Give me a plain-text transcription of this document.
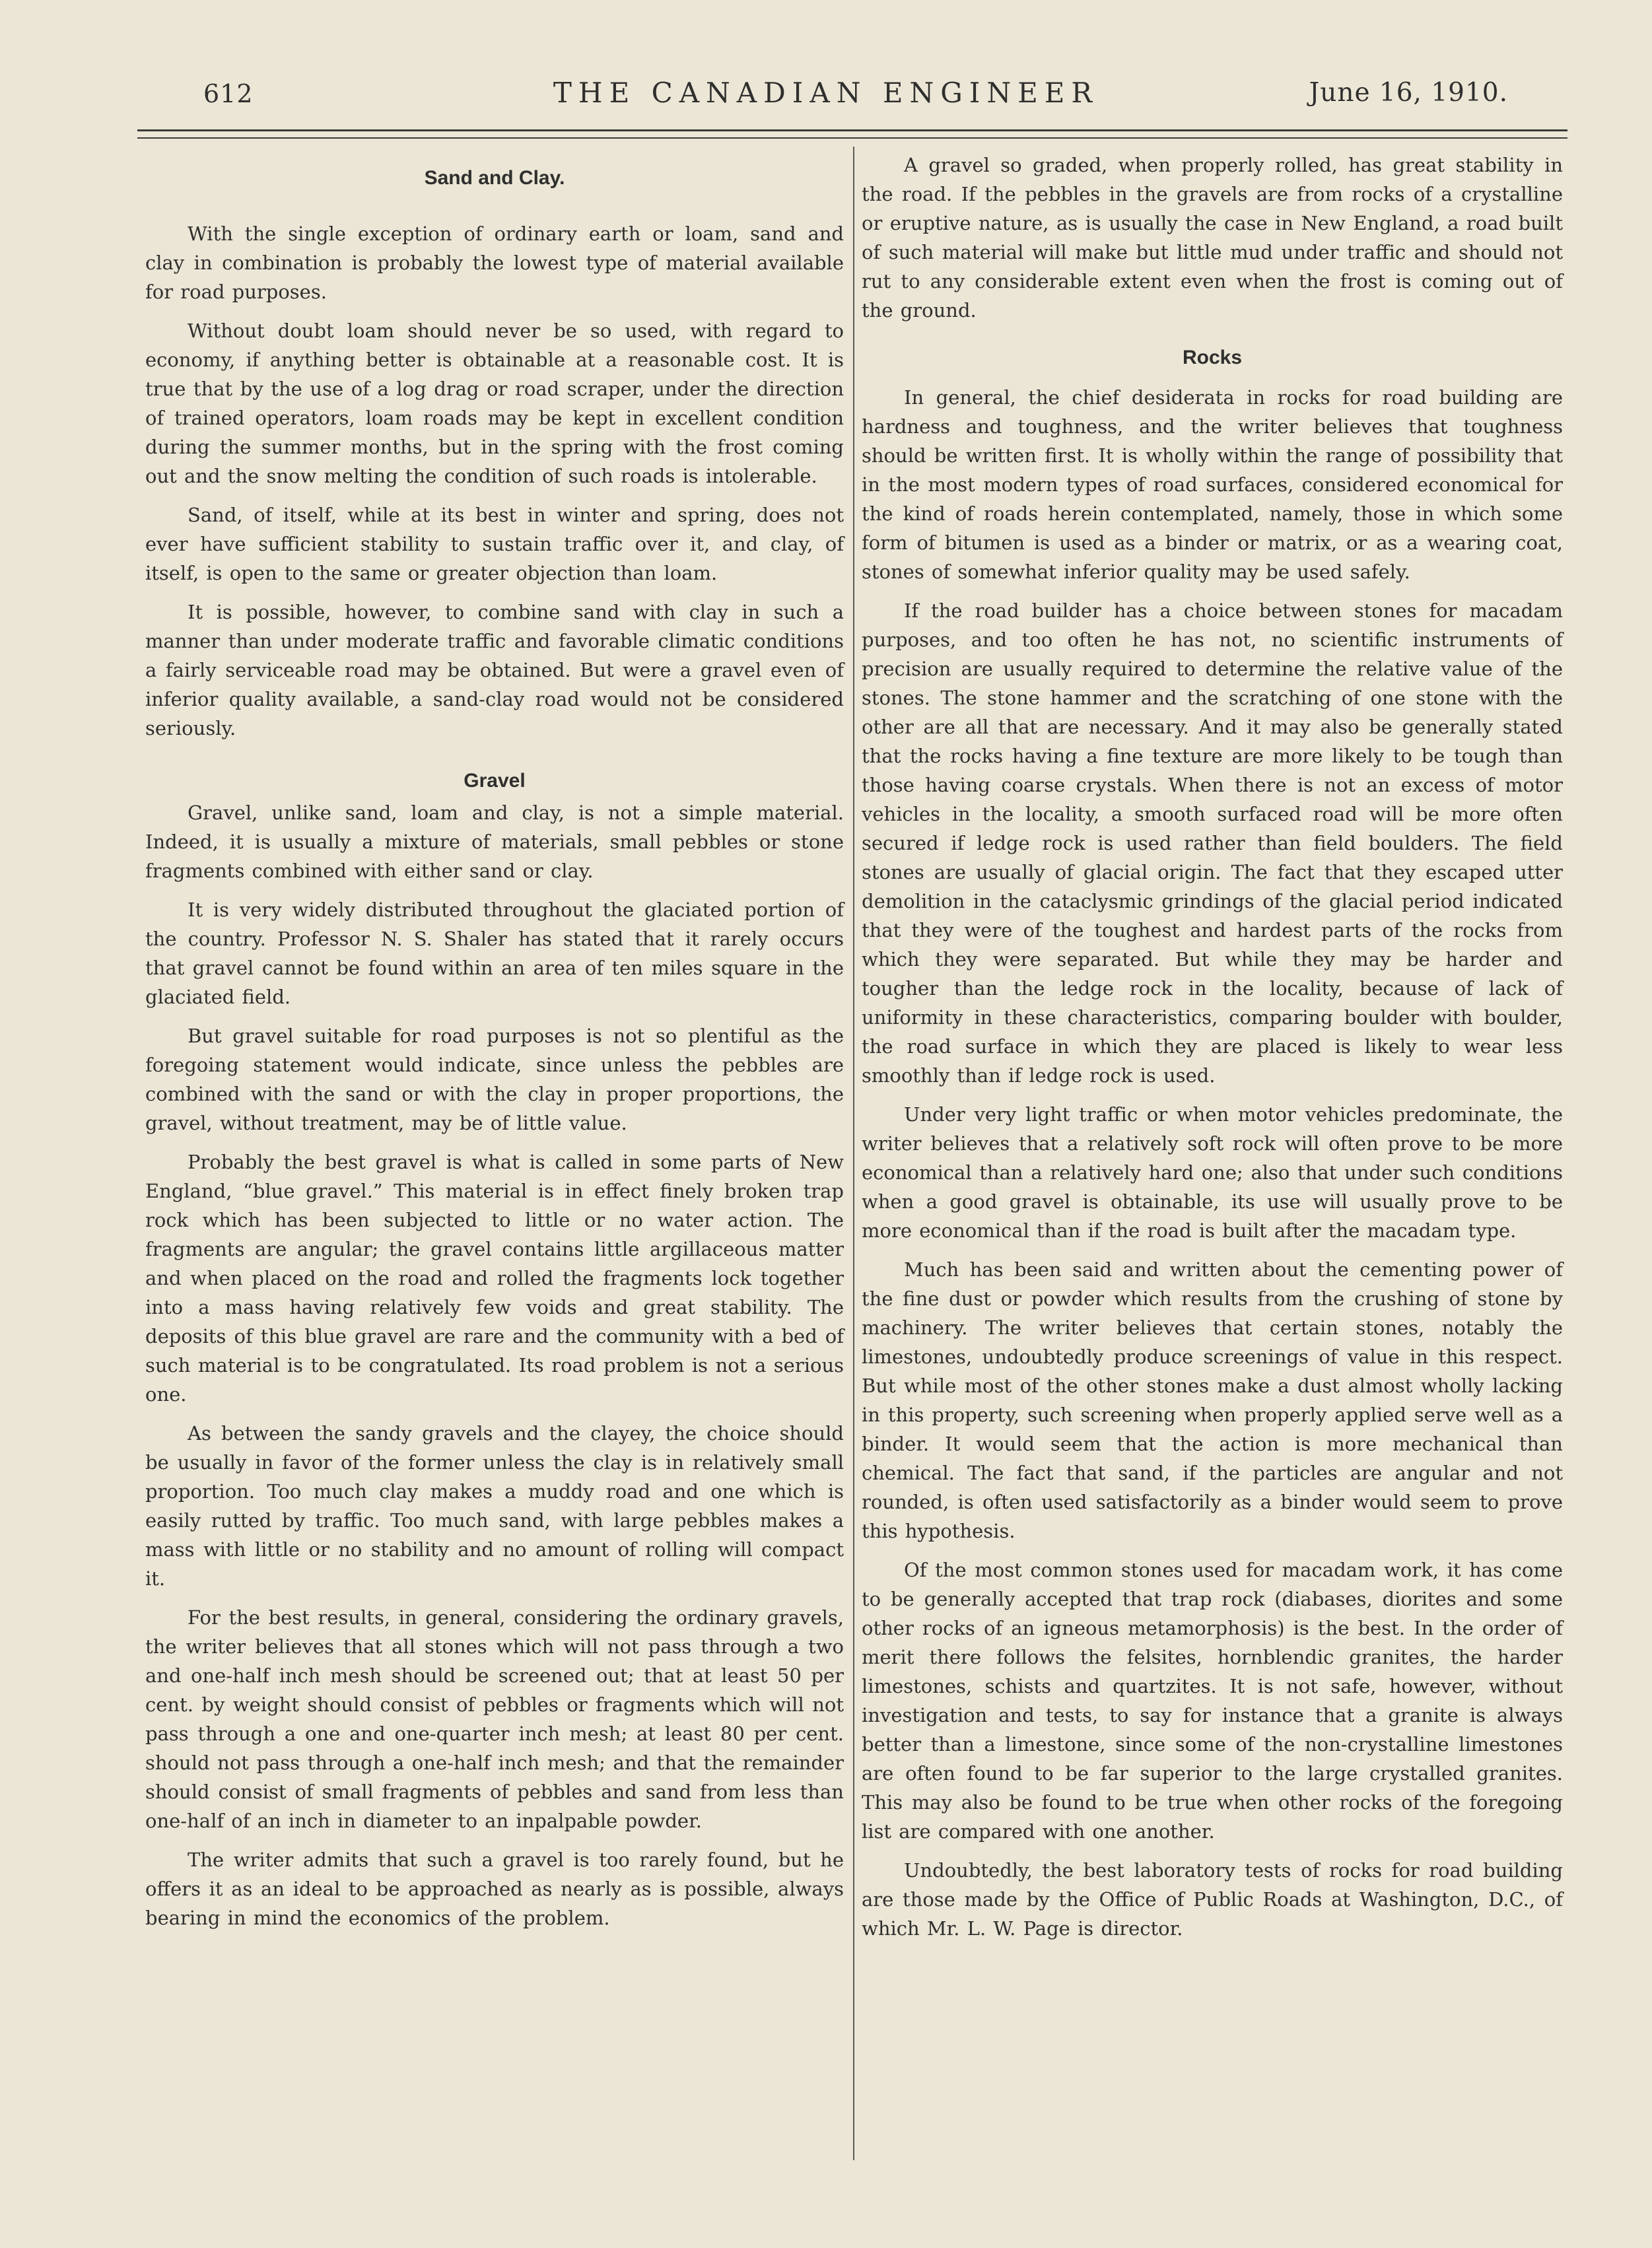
612	THE CANADIAN ENGINEER	June 16, 1910.
Sand and Clay.

With the single exception of ordinary earth or loam, sand and clay in combination is probably the lowest type of material available for road purposes.

Without doubt loam should never be so used, with regard to economy, if anything better is obtainable at a reasonable cost. It is true that by the use of a log drag or road scraper, under the direction of trained operators, loam roads may be kept in excellent condition during the summer months, but in the spring with the frost coming out and the snow melting the condition of such roads is intolerable.

Sand, of itself, while at its best in winter and spring, does not ever have sufficient stability to sustain traffic over it, and clay, of itself, is open to the same or greater objection than loam.

It is possible, however, to combine sand with clay in such a manner than under moderate traffic and favorable climatic conditions a fairly serviceable road may be obtained. But were a gravel even of inferior quality available, a sand-clay road would not be considered seriously.

Gravel

Gravel, unlike sand, loam and clay, is not a simple material. Indeed, it is usually a mixture of materials, small pebbles or stone fragments combined with either sand or clay.

It is very widely distributed throughout the glaciated portion of the country. Professor N. S. Shaler has stated that it rarely occurs that gravel cannot be found within an area of ten miles square in the glaciated field.

But gravel suitable for road purposes is not so plentiful as the foregoing statement would indicate, since unless the pebbles are combined with the sand or with the clay in proper proportions, the gravel, without treatment, may be of little value.

Probably the best gravel is what is called in some parts of New England, “blue gravel.” This material is in effect finely broken trap rock which has been subjected to little or no water action. The fragments are angular; the gravel contains little argillaceous matter and when placed on the road and rolled the fragments lock together into a mass having relatively few voids and great stability. The deposits of this blue gravel are rare and the community with a bed of such material is to be congratulated. Its road problem is not a serious one.

As between the sandy gravels and the clayey, the choice should be usually in favor of the former unless the clay is in relatively small proportion. Too much clay makes a muddy road and one which is easily rutted by traffic. Too much sand, with large pebbles makes a mass with little or no stability and no amount of rolling will compact it.

For the best results, in general, considering the ordinary gravels, the writer believes that all stones which will not pass through a two and one-half inch mesh should be screened out; that at least 50 per cent. by weight should consist of pebbles or fragments which will not pass through a one and one-quarter inch mesh; at least 80 per cent. should not pass through a one-half inch mesh; and that the remainder should consist of small fragments of pebbles and sand from less than one-half of an inch in diameter to an inpalpable powder.

The writer admits that such a gravel is too rarely found, but he offers it as an ideal to be approached as nearly as is possible, always bearing in mind the economics of the problem.

A gravel so graded, when properly rolled, has great stability in the road. If the pebbles in the gravels are from rocks of a crystalline or eruptive nature, as is usually the case in New England, a road built of such material will make but little mud under traffic and should not rut to any considerable extent even when the frost is coming out of the ground.

Rocks

In general, the chief desiderata in rocks for road building are hardness and toughness, and the writer believes that toughness should be written first. It is wholly within the range of possibility that in the most modern types of road surfaces, considered economical for the kind of roads herein contemplated, namely, those in which some form of bitumen is used as a binder or matrix, or as a wearing coat, stones of somewhat inferior quality may be used safely.

If the road builder has a choice between stones for macadam purposes, and too often he has not, no scientific instruments of precision are usually required to determine the relative value of the stones. The stone hammer and the scratching of one stone with the other are all that are necessary. And it may also be generally stated that the rocks having a fine texture are more likely to be tough than those having coarse crystals. When there is not an excess of motor vehicles in the locality, a smooth surfaced road will be more often secured if ledge rock is used rather than field boulders. The field stones are usually of glacial origin. The fact that they escaped utter demolition in the cataclysmic grindings of the glacial period indicated that they were of the toughest and hardest parts of the rocks from which they were separated. But while they may be harder and tougher than the ledge rock in the locality, because of lack of uniformity in these characteristics, comparing boulder with boulder, the road surface in which they are placed is likely to wear less smoothly than if ledge rock is used.

Under very light traffic or when motor vehicles predominate, the writer believes that a relatively soft rock will often prove to be more economical than a relatively hard one; also that under such conditions when a good gravel is obtainable, its use will usually prove to be more economical than if the road is built after the macadam type.

Much has been said and written about the cementing power of the fine dust or powder which results from the crushing of stone by machinery. The writer believes that certain stones, notably the limestones, undoubtedly produce screenings of value in this respect. But while most of the other stones make a dust almost wholly lacking in this property, such screening when properly applied serve well as a binder. It would seem that the action is more mechanical than chemical. The fact that sand, if the particles are angular and not rounded, is often used satisfactorily as a binder would seem to prove this hypothesis.

Of the most common stones used for macadam work, it has come to be generally accepted that trap rock (diabases, diorites and some other rocks of an igneous metamorphosis) is the best. In the order of merit there follows the felsites, hornblendic granites, the harder limestones, schists and quartzites. It is not safe, however, without investigation and tests, to say for instance that a granite is always better than a limestone, since some of the non-crystalline limestones are often found to be far superior to the large crystalled granites. This may also be found to be true when other rocks of the foregoing list are compared with one another.

Undoubtedly, the best laboratory tests of rocks for road building are those made by the Office of Public Roads at Washington, D.C., of which Mr. L. W. Page is director.
